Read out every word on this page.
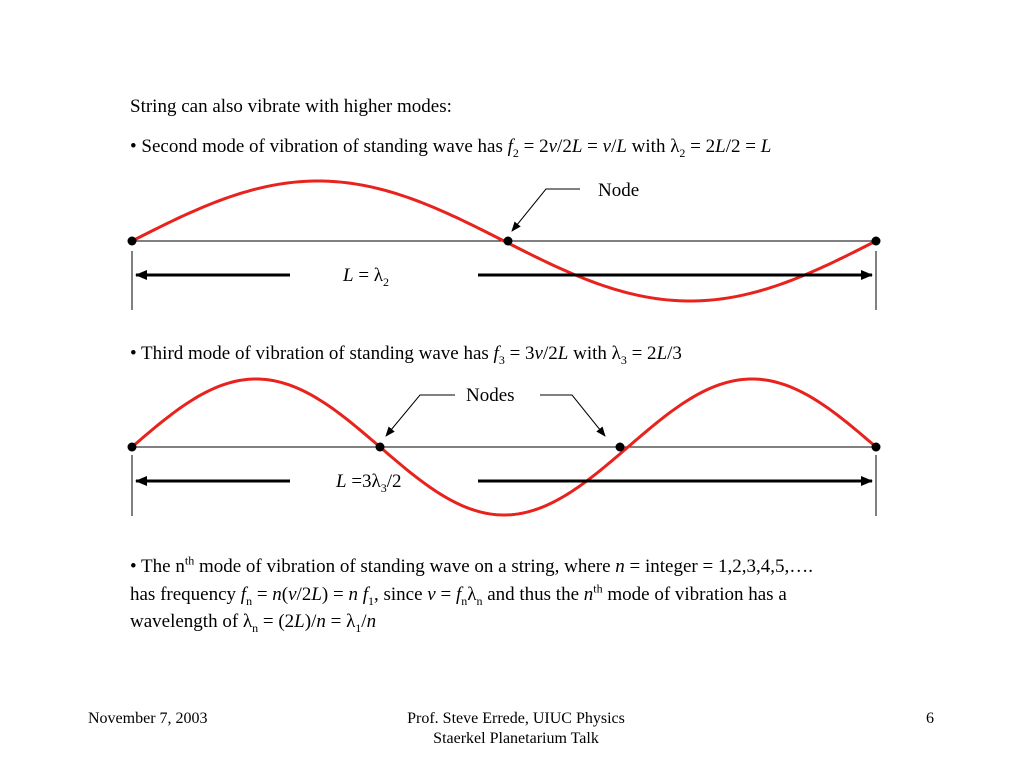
String can also vibrate with higher modes:
• Second mode of vibration of standing wave has $f_2 = 2v/2L = v/L$ with $\lambda_2 = 2L/2 = L$
• Third mode of vibration of standing wave has $f_3 = 3v/2L$ with $\lambda_3 = 2L/3$
• The $n^{th}$ mode of vibration of standing wave on a string, where n = integer = 1,2,3,4,5,….
has frequency $f_n = n(v/2L) = n$ $f_1$, since $v = f_n\lambda_n$ and thus the $n^{th}$ mode of vibration has a
wavelength of $\lambda_n = (2L)/n = \lambda_1/n$
Node
$L = \lambda_2$
Nodes
$L =3\lambda_3/2$
November 7, 2003	Prof. Steve Errede, UIUC Physics
Staerkel Planetarium Talk
6
